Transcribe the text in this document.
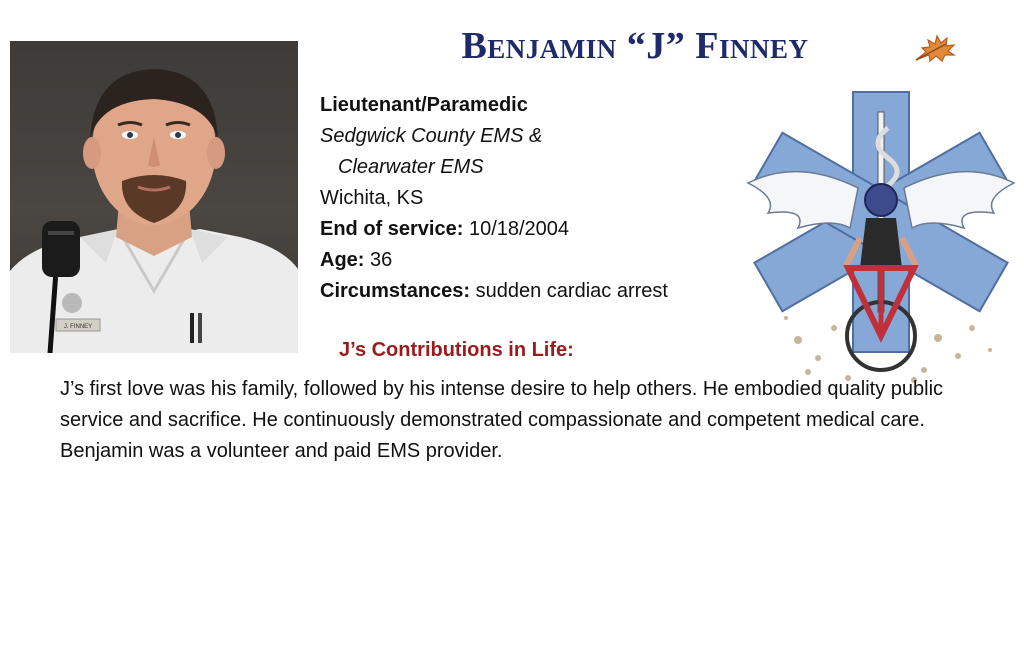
Benjamin “J” Finney
J. FINNEY
Lieutenant/Paramedic
Sedgwick County EMS &
Clearwater EMS
Wichita, KS
End of service: 10/18/2004
Age: 36
Circumstances: sudden cardiac arrest
J’s Contributions in Life:
J’s first love was his family, followed by his intense desire to help others. He embodied quality public service and sacrifice. He continuously demonstrated compassionate and competent medical care. Benjamin was a volunteer and paid EMS provider.
